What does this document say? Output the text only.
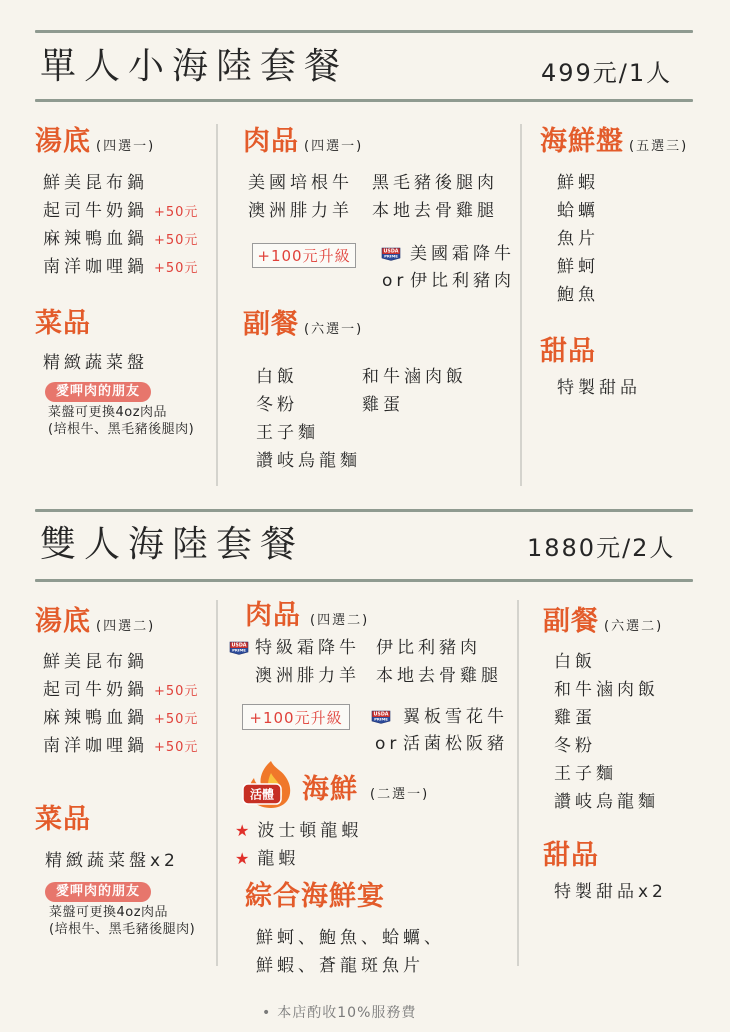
單人小海陸套餐	499元/1人
湯底 (四選一)
鮮美昆布鍋
起司牛奶鍋 +50元
麻辣鴨血鍋 +50元
南洋咖哩鍋 +50元
菜品
精緻蔬菜盤
愛呷肉的朋友
菜盤可更換4oz肉品
(培根牛、黑毛豬後腿肉)
肉品 (四選一)
美國培根牛	黑毛豬後腿肉
澳洲腓力羊	本地去骨雞腿
+100元升級	USDA
PRIME 美國霜降牛
or 伊比利豬肉
副餐 (六選一)
白飯	和牛滷肉飯
冬粉	雞蛋
王子麵
讚岐烏龍麵
海鮮盤 (五選三)
鮮蝦
蛤蠣
魚片
鮮蚵
鮑魚
甜品
特製甜品
雙人海陸套餐	1880元/2人
湯底 (四選二)
鮮美昆布鍋
起司牛奶鍋 +50元
麻辣鴨血鍋 +50元
南洋咖哩鍋 +50元
菜品
精緻蔬菜盤x2
愛呷肉的朋友
菜盤可更換4oz肉品
(培根牛、黑毛豬後腿肉)
肉品 (四選二)
USDA
PRIME 特級霜降牛 伊比利豬肉
澳洲腓力羊 本地去骨雞腿
+100元升級	USDA
PRIME 翼板雪花牛
or 活菌松阪豬
活體 海鮮 (二選一)
★ 波士頓龍蝦
★ 龍蝦
綜合海鮮宴
鮮蚵、鮑魚、蛤蠣、
鮮蝦、蒼龍斑魚片
副餐 (六選二)
白飯
和牛滷肉飯
雞蛋
冬粉
王子麵
讚岐烏龍麵
甜品
特製甜品x2
• 本店酌收10%服務費
